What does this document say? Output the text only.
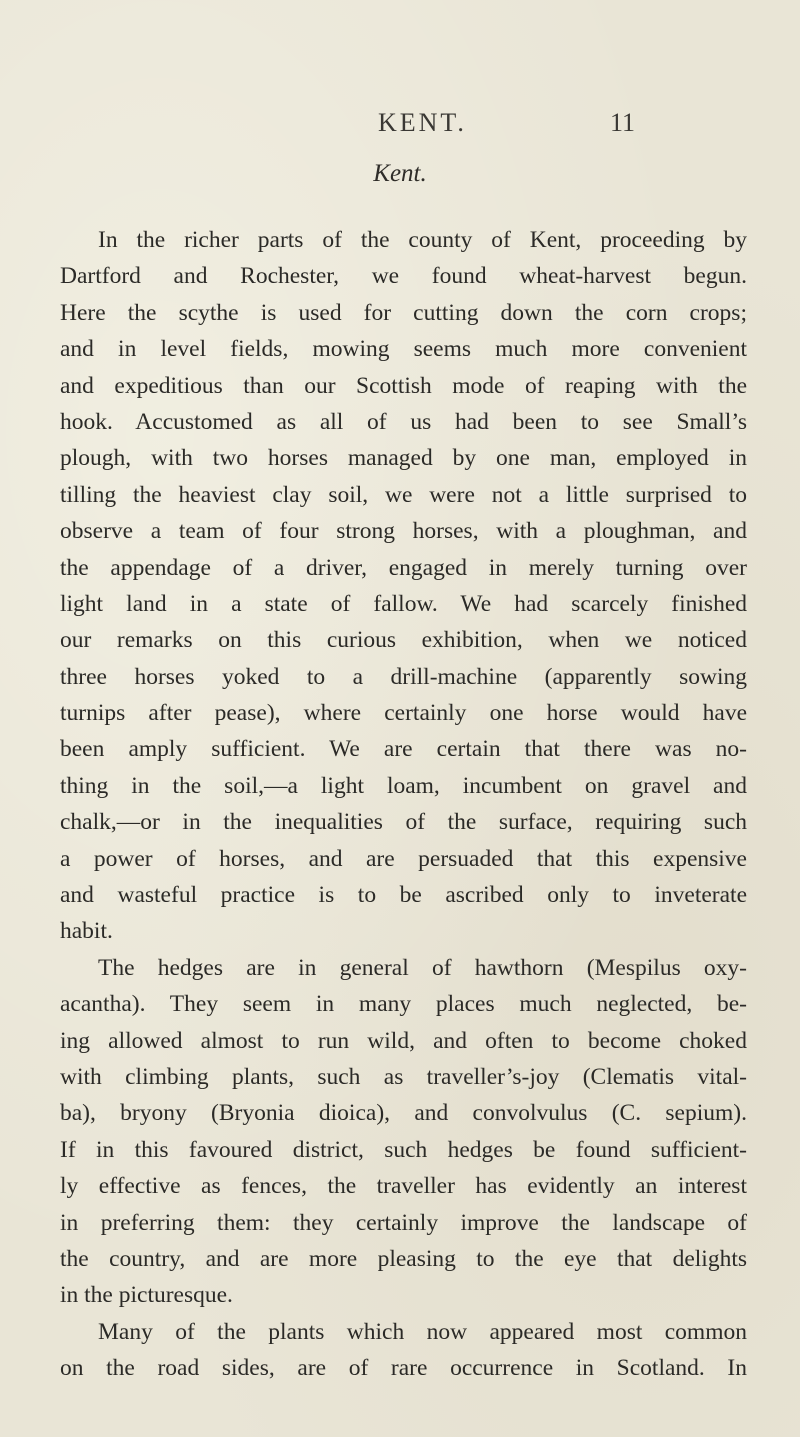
KENT.	11
Kent.
In the richer parts of the county of Kent, proceeding by
Dartford and Rochester, we found wheat-harvest begun.
Here the scythe is used for cutting down the corn crops;
and in level fields, mowing seems much more convenient
and expeditious than our Scottish mode of reaping with the
hook. Accustomed as all of us had been to see Small’s
plough, with two horses managed by one man, employed in
tilling the heaviest clay soil, we were not a little surprised to
observe a team of four strong horses, with a ploughman, and
the appendage of a driver, engaged in merely turning over
light land in a state of fallow. We had scarcely finished
our remarks on this curious exhibition, when we noticed
three horses yoked to a drill-machine (apparently sowing
turnips after pease), where certainly one horse would have
been amply sufficient. We are certain that there was no-
thing in the soil,—a light loam, incumbent on gravel and
chalk,—or in the inequalities of the surface, requiring such
a power of horses, and are persuaded that this expensive
and wasteful practice is to be ascribed only to inveterate
habit.
The hedges are in general of hawthorn (Mespilus oxy-
acantha). They seem in many places much neglected, be-
ing allowed almost to run wild, and often to become choked
with climbing plants, such as traveller’s-joy (Clematis vital-
ba), bryony (Bryonia dioica), and convolvulus (C. sepium).
If in this favoured district, such hedges be found sufficient-
ly effective as fences, the traveller has evidently an interest
in preferring them: they certainly improve the landscape of
the country, and are more pleasing to the eye that delights
in the picturesque.
Many of the plants which now appeared most common
on the road sides, are of rare occurrence in Scotland. In
